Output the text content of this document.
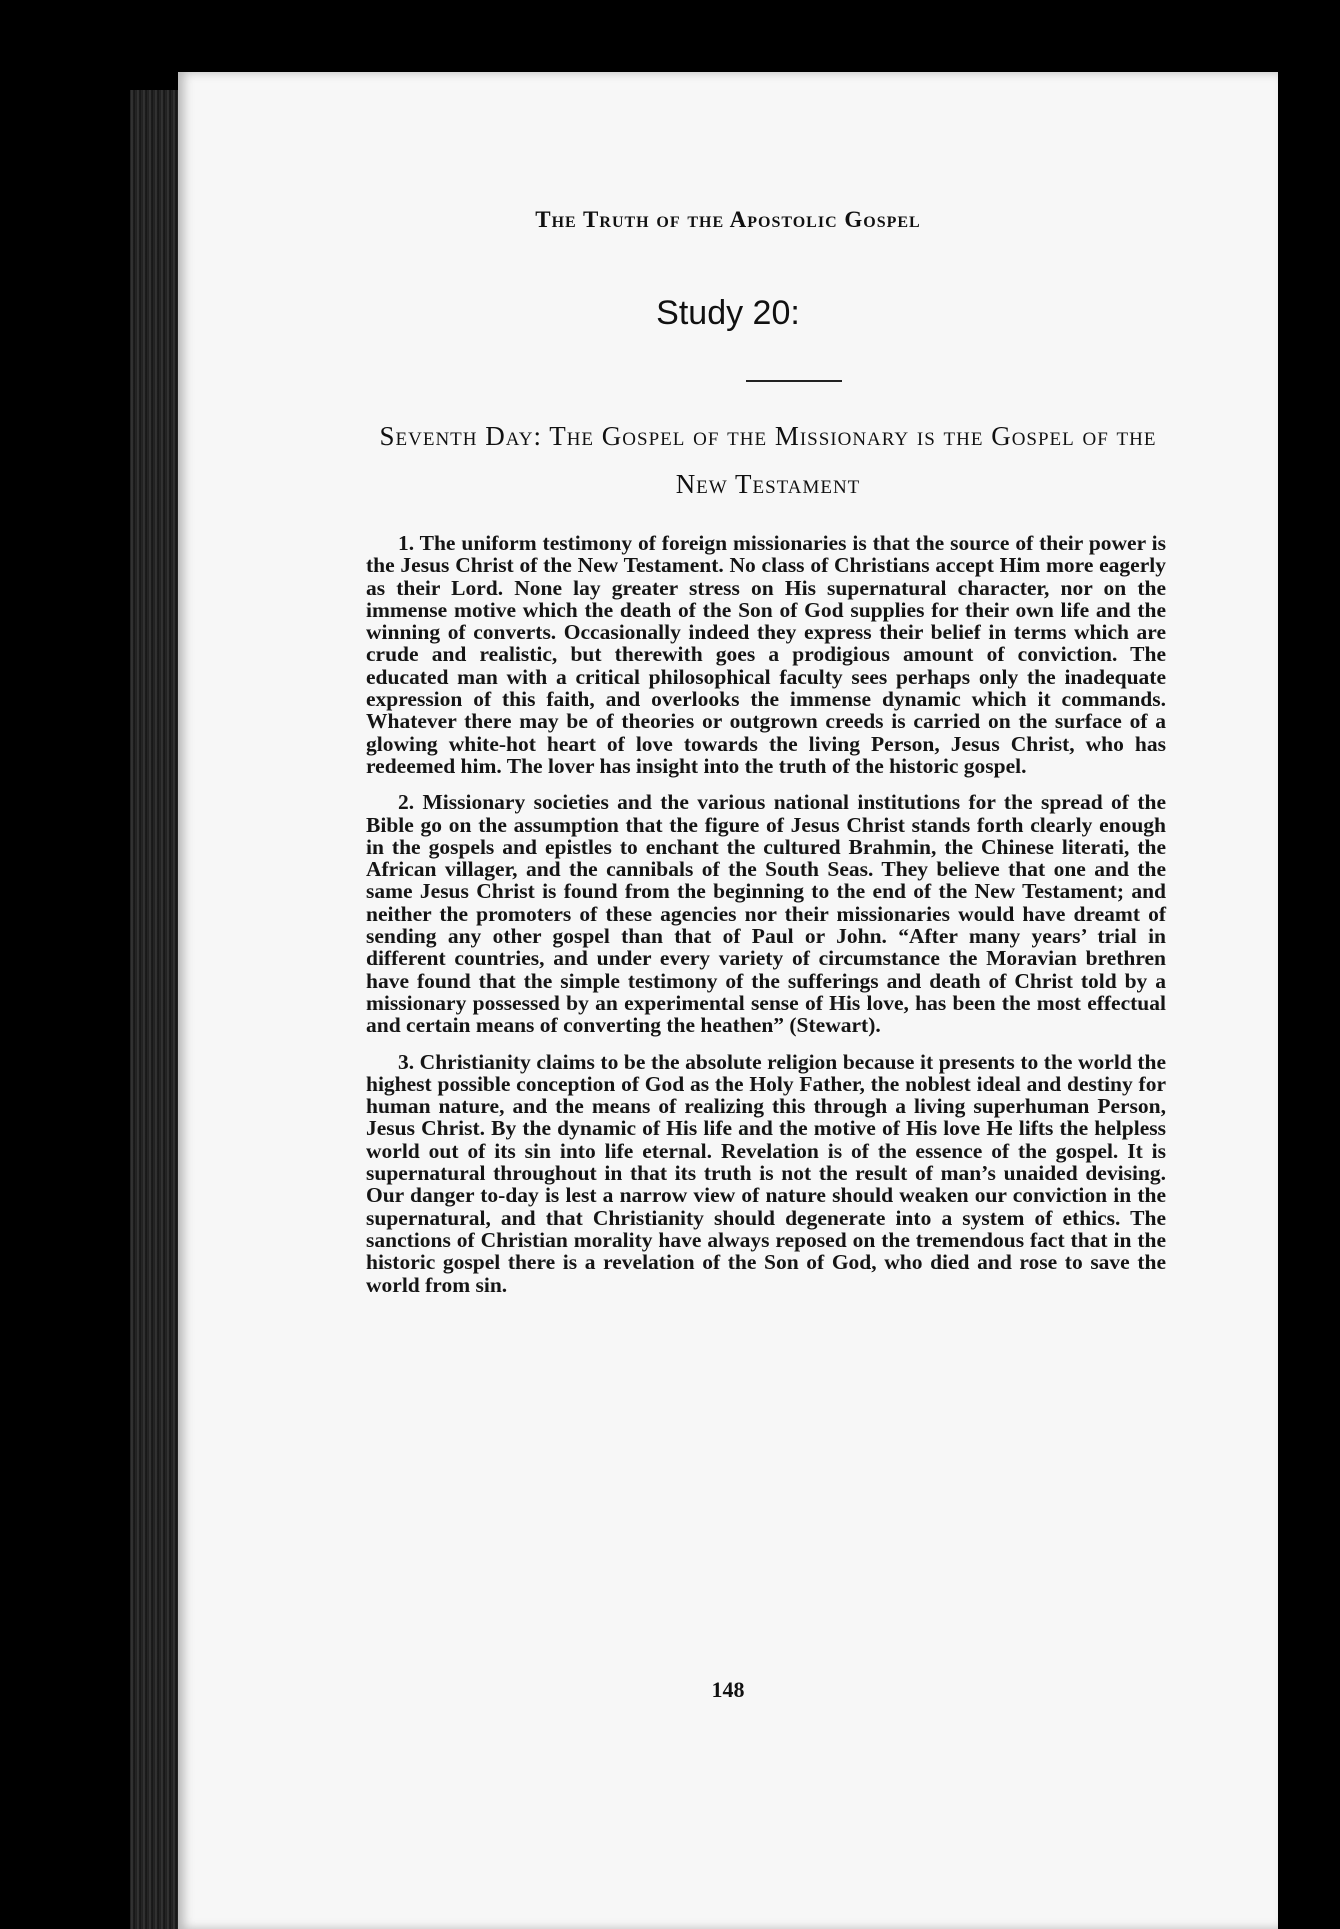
The Truth of the Apostolic Gospel
Study 20:
Seventh Day: The Gospel of the Missionary is the Gospel of the New Testament

1. The uniform testimony of foreign missionaries is that the source of their power is the Jesus Christ of the New Testament. No class of Christians accept Him more eagerly as their Lord. None lay greater stress on His supernatural character, nor on the immense motive which the death of the Son of God supplies for their own life and the winning of converts. Occasionally indeed they express their belief in terms which are crude and realistic, but therewith goes a prodigious amount of conviction. The educated man with a critical philosophical faculty sees perhaps only the inadequate expression of this faith, and overlooks the immense dynamic which it commands. Whatever there may be of theories or outgrown creeds is carried on the surface of a glowing white-hot heart of love towards the living Person, Jesus Christ, who has redeemed him. The lover has insight into the truth of the historic gospel.

2. Missionary societies and the various national institutions for the spread of the Bible go on the assumption that the figure of Jesus Christ stands forth clearly enough in the gospels and epistles to enchant the cultured Brahmin, the Chinese literati, the African villager, and the cannibals of the South Seas. They believe that one and the same Jesus Christ is found from the beginning to the end of the New Testament; and neither the promoters of these agencies nor their missionaries would have dreamt of sending any other gospel than that of Paul or John. “After many years’ trial in different countries, and under every variety of circumstance the Moravian brethren have found that the simple testimony of the sufferings and death of Christ told by a missionary possessed by an experimental sense of His love, has been the most effectual and certain means of converting the heathen” (Stewart).

3. Christianity claims to be the absolute religion because it presents to the world the highest possible conception of God as the Holy Father, the noblest ideal and destiny for human nature, and the means of realizing this through a living superhuman Person, Jesus Christ. By the dynamic of His life and the motive of His love He lifts the helpless world out of its sin into life eternal. Revelation is of the essence of the gospel. It is supernatural throughout in that its truth is not the result of man’s unaided devising. Our danger to-day is lest a narrow view of nature should weaken our conviction in the supernatural, and that Christianity should degenerate into a system of ethics. The sanctions of Christian morality have always reposed on the tremendous fact that in the historic gospel there is a revelation of the Son of God, who died and rose to save the world from sin.

148
